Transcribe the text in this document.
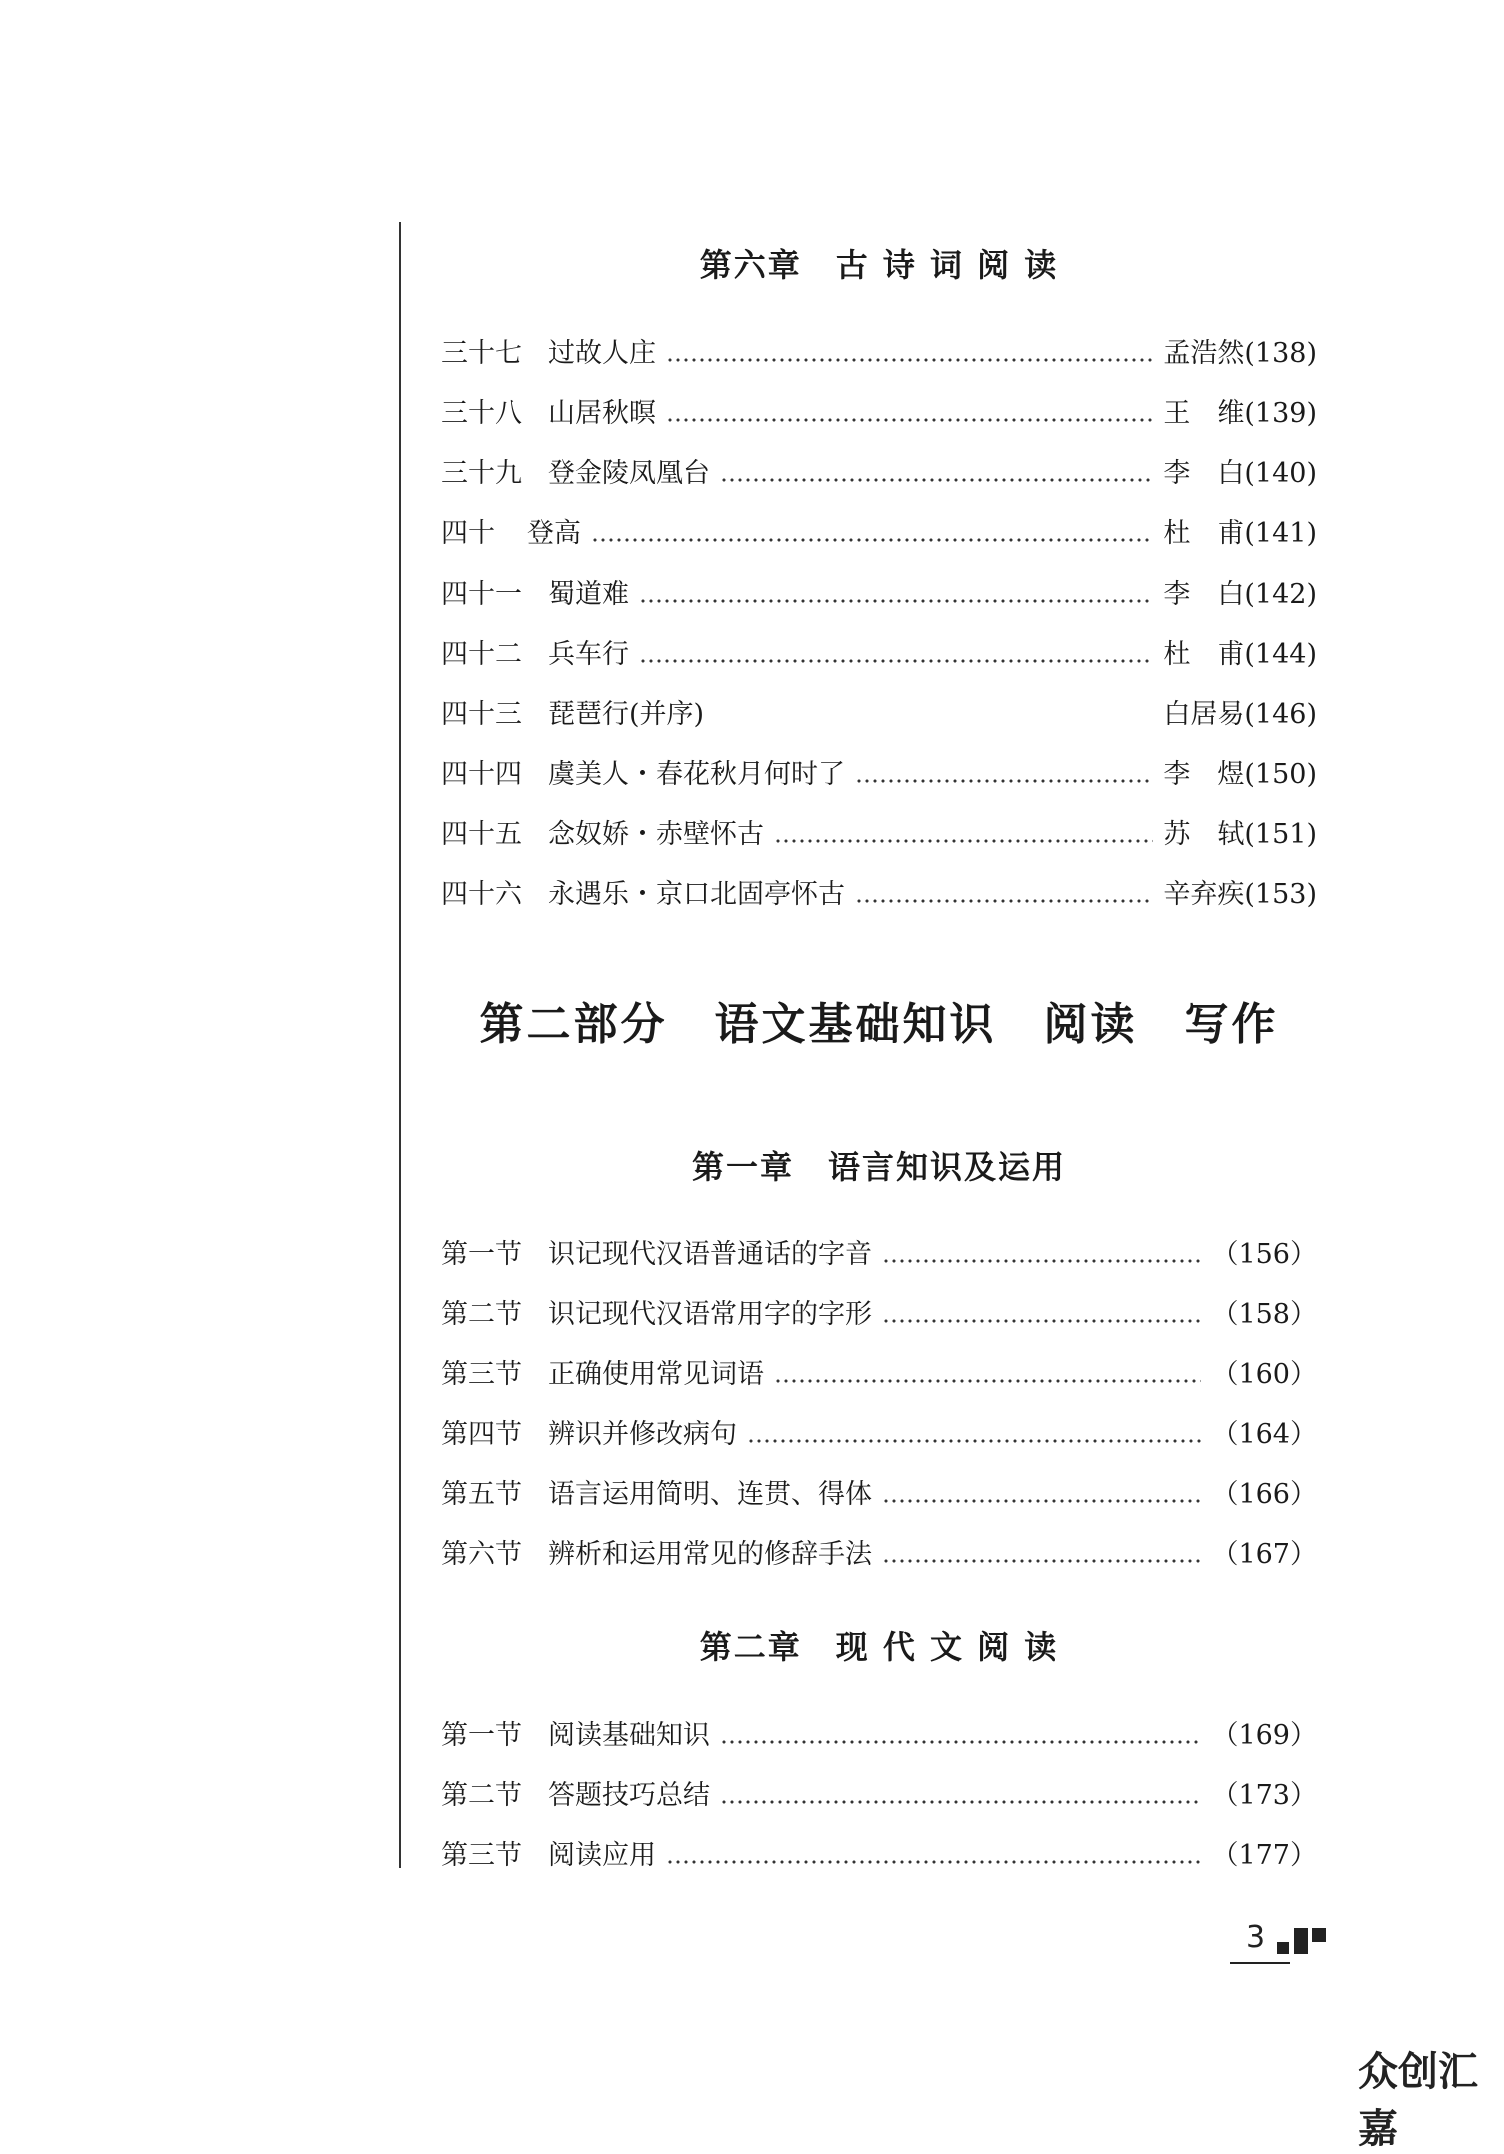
第六章　古 诗 词 阅 读
三十七 过故人庄	孟浩然 (138)
三十八 山居秋暝	王　维 (139)
三十九 登金陵凤凰台	李　白 (140)
四十 登高	杜　甫 (141)
四十一 蜀道难	李　白 (142)
四十二 兵车行	杜　甫 (144)
四十三 琵琶行(并序)	白居易 (146)
四十四 虞美人・春花秋月何时了	李　煜 (150)
四十五 念奴娇・赤壁怀古	苏　轼 (151)
四十六 永遇乐・京口北固亭怀古	辛弃疾 (153)
第二部分　语文基础知识　阅读　写作
第一章　语言知识及运用
第一节 识记现代汉语普通话的字音	（156）
第二节 识记现代汉语常用字的字形	（158）
第三节 正确使用常见词语	（160）
第四节 辨识并修改病句	（164）
第五节 语言运用简明、连贯、得体	（166）
第六节 辨析和运用常见的修辞手法	（167）
第二章　现 代 文 阅 读
第一节 阅读基础知识	（169）
第二节 答题技巧总结	（173）
第三节 阅读应用	（177）
3
众创汇嘉
